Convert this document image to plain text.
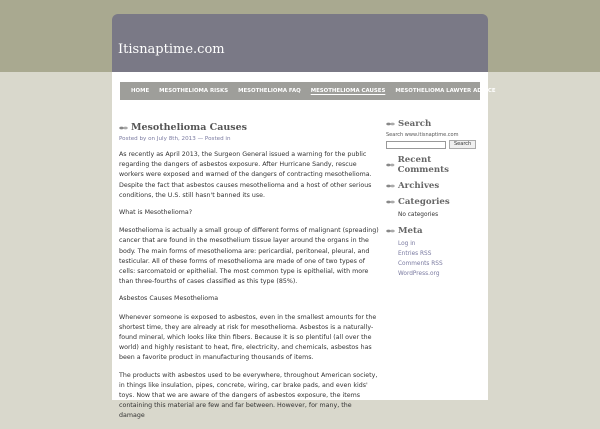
Itisnaptime.com
HOME	MESOTHELIOMA RISKS	MESOTHELIOMA FAQ	MESOTHELIOMA CAUSES	MESOTHELIOMA LAWYER ADVICE
Mesothelioma Causes
Posted by on July 8th, 2013 — Posted in

As recently as April 2013, the Surgeon General issued a warning for the public regarding the dangers of asbestos exposure. After Hurricane Sandy, rescue workers were exposed and warned of the dangers of contracting mesothelioma. Despite the fact that asbestos causes mesothelioma and a host of other serious conditions, the U.S. still hasn't banned its use.

What is Mesothelioma?

Mesothelioma is actually a small group of different forms of malignant (spreading) cancer that are found in the mesothelium tissue layer around the organs in the body. The main forms of mesothelioma are: pericardial, peritoneal, pleural, and testicular. All of these forms of mesothelioma are made of one of two types of cells: sarcomatoid or epithelial. The most common type is epithelial, with more than three-fourths of cases classified as this type (85%).

Asbestos Causes Mesothelioma

Whenever someone is exposed to asbestos, even in the smallest amounts for the shortest time, they are already at risk for mesothelioma. Asbestos is a naturally-found mineral, which looks like thin fibers. Because it is so plentiful (all over the world) and highly resistant to heat, fire, electricity, and chemicals, asbestos has been a favorite product in manufacturing thousands of items.

The products with asbestos used to be everywhere, throughout American society, in things like insulation, pipes, concrete, wiring, car brake pads, and even kids' toys. Now that we are aware of the dangers of asbestos exposure, the items containing this material are few and far between. However, for many, the damage

Search
Search www.itisnaptime.com
Search
Recent Comments
Archives
Categories
No categories
Meta
Log in
Entries RSS
Comments RSS
WordPress.org
